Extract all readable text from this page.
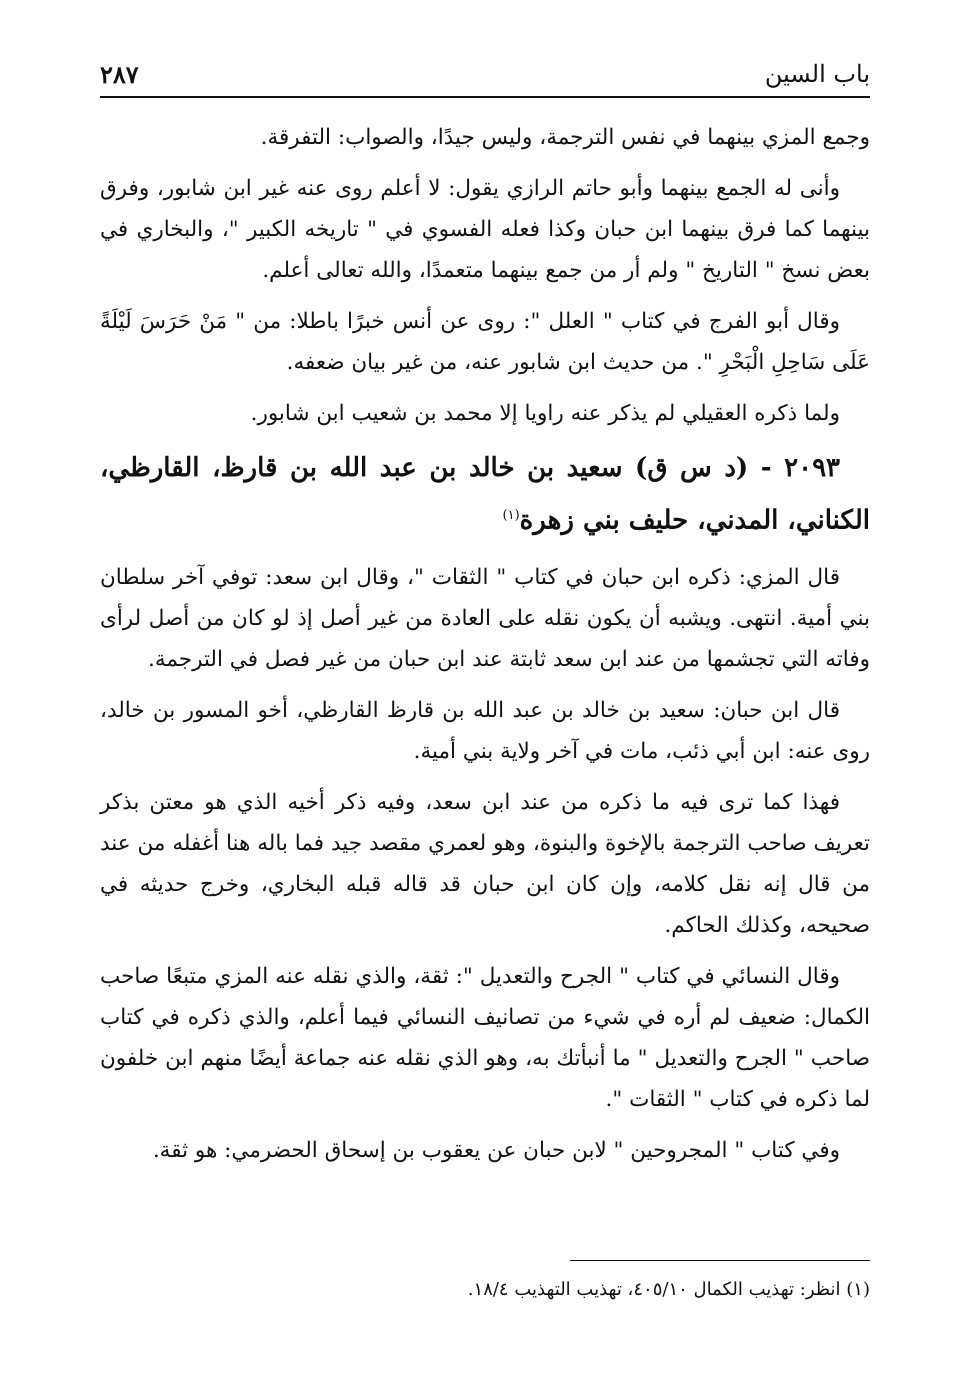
باب السين
٢٨٧

وجمع المزي بينهما في نفس الترجمة، وليس جيدًا، والصواب: التفرقة.

وأنى له الجمع بينهما وأبو حاتم الرازي يقول: لا أعلم روى عنه غير ابن شابور، وفرق بينهما كما فرق بينهما ابن حبان وكذا فعله الفسوي في " تاريخه الكبير "، والبخاري في بعض نسخ " التاريخ " ولم أر من جمع بينهما متعمدًا، والله تعالى أعلم.

وقال أبو الفرج في كتاب " العلل ": روى عن أنس خبرًا باطلا: من " مَنْ حَرَسَ لَيْلَةً عَلَى سَاحِلِ الْبَحْرِ ". من حديث ابن شابور عنه، من غير بيان ضعفه.

ولما ذكره العقيلي لم يذكر عنه راويا إلا محمد بن شعيب ابن شابور.

٢٠٩٣ - (د س ق) سعيد بن خالد بن عبد الله بن قارظ، القارظي، الكناني، المدني، حليف بني زهرة$^{(١)}$

قال المزي: ذكره ابن حبان في كتاب " الثقات "، وقال ابن سعد: توفي آخر سلطان بني أمية. انتهى. ويشبه أن يكون نقله على العادة من غير أصل إذ لو كان من أصل لرأى وفاته التي تجشمها من عند ابن سعد ثابتة عند ابن حبان من غير فصل في الترجمة.

قال ابن حبان: سعيد بن خالد بن عبد الله بن قارظ القارظي، أخو المسور بن خالد، روى عنه: ابن أبي ذئب، مات في آخر ولاية بني أمية.

فهذا كما ترى فيه ما ذكره من عند ابن سعد، وفيه ذكر أخيه الذي هو معتن بذكر تعريف صاحب الترجمة بالإخوة والبنوة، وهو لعمري مقصد جيد فما باله هنا أغفله من عند من قال إنه نقل كلامه، وإن كان ابن حبان قد قاله قبله البخاري، وخرج حديثه في صحيحه، وكذلك الحاكم.

وقال النسائي في كتاب " الجرح والتعديل ": ثقة، والذي نقله عنه المزي متبعًا صاحب الكمال: ضعيف لم أره في شيء من تصانيف النسائي فيما أعلم، والذي ذكره في كتاب صاحب " الجرح والتعديل " ما أنبأتك به، وهو الذي نقله عنه جماعة أيضًا منهم ابن خلفون لما ذكره في كتاب " الثقات ".

وفي كتاب " المجروحين " لابن حبان عن يعقوب بن إسحاق الحضرمي: هو ثقة.

(١) انظر: تهذيب الكمال ٤٠٥/١٠، تهذيب التهذيب ١٨/٤.
